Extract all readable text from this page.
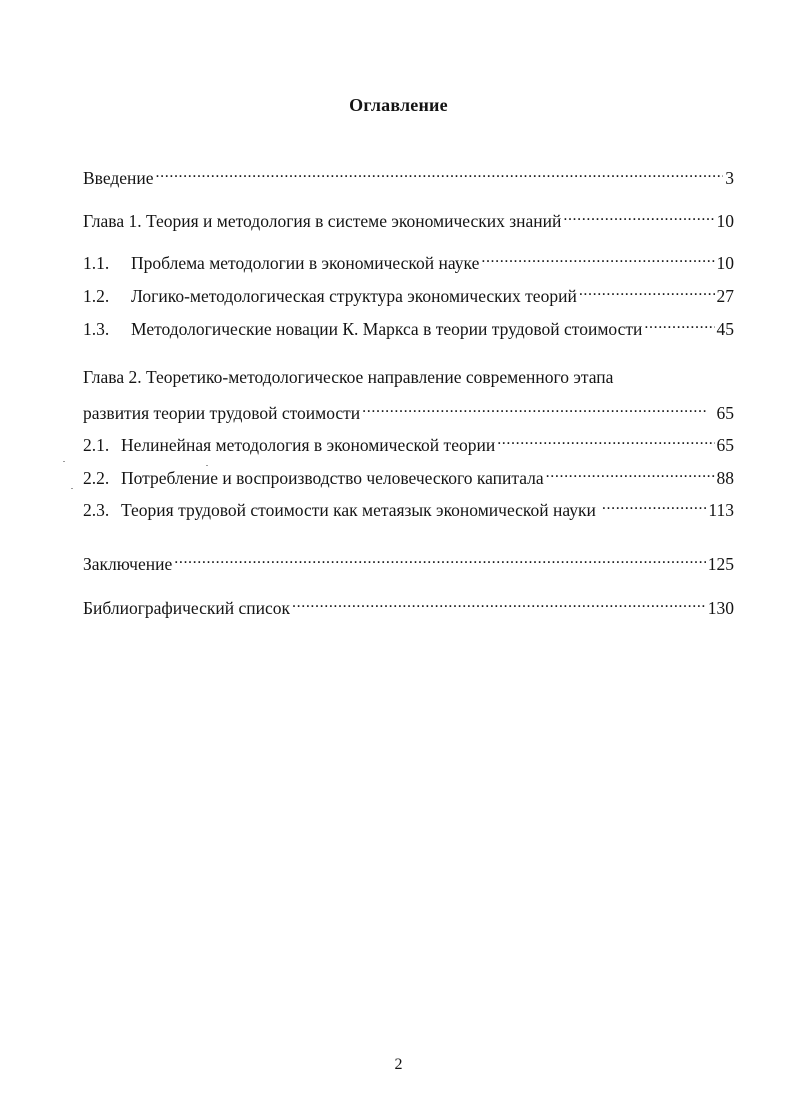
Оглавление
Введение .....	3
Глава 1. Теория и методология в системе экономических знаний .....	10
1.1.	Проблема методологии в экономической науке .....	10
1.2.	Логико-методологическая структура экономических теорий .....	27
1.3.	Методологические новации К. Маркса в теории трудовой стоимости .....	45
Глава 2. Теоретико-методологическое направление современного этапа
развития теории трудовой стоимости .....	65
2.1. Нелинейная методология в экономической теории .....	65
2.2. Потребление и воспроизводство человеческого капитала .....	88
2.3. Теория трудовой стоимости как метаязык экономической науки .....	113
Заключение .....	125
Библиографический список .....	130
2
